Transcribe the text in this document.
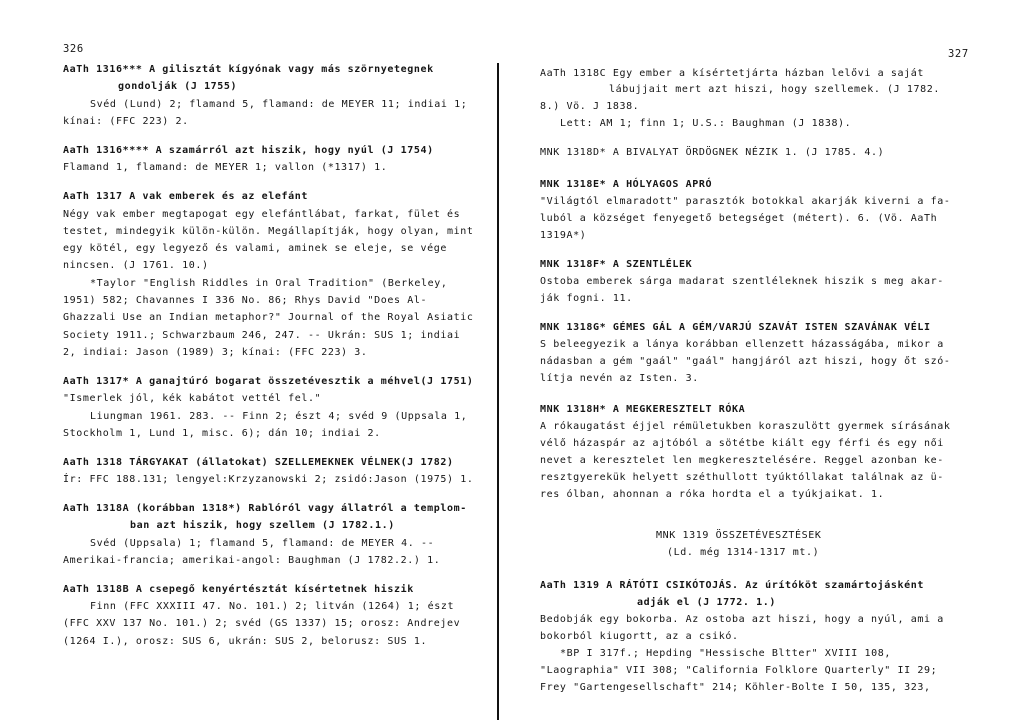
326	327
AaTh 1316*** A gilisztát kígyónak vagy más szörnyetegnek
gondolják (J 1755)
Svéd (Lund) 2; flamand 5, flamand: de MEYER 11; indiai 1;
kínai: (FFC 223) 2.
AaTh 1316**** A szamárról azt hiszik, hogy nyúl (J 1754)
Flamand 1, flamand: de MEYER 1; vallon (*1317) 1.
AaTh 1317 A vak emberek és az elefánt
Négy vak ember megtapogat egy elefántlábat, farkat, fület és
testet, mindegyik külön-külön. Megállapítják, hogy olyan, mint
egy kötél, egy legyező és valami, aminek se eleje, se vége
nincsen. (J 1761. 10.)
*Taylor "English Riddles in Oral Tradition" (Berkeley,
1951) 582; Chavannes I 336 No. 86; Rhys David "Does Al-
Ghazzali Use an Indian metaphor?" Journal of the Royal Asiatic
Society 1911.; Schwarzbaum 246, 247. -- Ukrán: SUS 1; indiai
2, indiai: Jason (1989) 3; kínai: (FFC 223) 3.
AaTh 1317* A ganajtúró bogarat összetévesztik a méhvel(J 1751)
"Ismerlek jól, kék kabátot vettél fel."
Liungman 1961. 283. -- Finn 2; észt 4; svéd 9 (Uppsala 1,
Stockholm 1, Lund 1, misc. 6); dán 10; indiai 2.
AaTh 1318 TÁRGYAKAT (állatokat) SZELLEMEKNEK VÉLNEK(J 1782)
Ír: FFC 188.131; lengyel:Krzyzanowski 2; zsidó:Jason (1975) 1.
AaTh 1318A (korábban 1318*) Rablóról vagy állatról a templom-
ban azt hiszik, hogy szellem (J 1782.1.)
Svéd (Uppsala) 1; flamand 5, flamand: de MEYER 4. --
Amerikai-francia; amerikai-angol: Baughman (J 1782.2.) 1.
AaTh 1318B A csepegő kenyértésztát kísértetnek hiszik
Finn (FFC XXXIII 47. No. 101.) 2; litván (1264) 1; észt
(FFC XXV 137 No. 101.) 2; svéd (GS 1337) 15; orosz: Andrejev
(1264 I.), orosz: SUS 6, ukrán: SUS 2, belorusz: SUS 1.
AaTh 1318C Egy ember a kísértetjárta házban lelővi a saját
lábujjait mert azt hiszi, hogy szellemek. (J 1782.
8.) Vö. J 1838.
Lett: AM 1; finn 1; U.S.: Baughman (J 1838).
MNK 1318D* A BIVALYAT ÖRDÖGNEK NÉZIK 1. (J 1785. 4.)
MNK 1318E* A HÓLYAGOS APRÓ
"Világtól elmaradott" parasztók botokkal akarják kiverni a fa-
luból a községet fenyegető betegséget (métert). 6. (Vö. AaTh
1319A*)
MNK 1318F* A SZENTLÉLEK
Ostoba emberek sárga madarat szentléleknek hiszik s meg akar-
ják fogni. 11.
MNK 1318G* GÉMES GÁL A GÉM/VARJÚ SZAVÁT ISTEN SZAVÁNAK VÉLI
S beleegyezik a lánya korábban ellenzett házasságába, mikor a
nádasban a gém "gaál" "gaál" hangjáról azt hiszi, hogy őt szó-
lítja nevén az Isten. 3.
MNK 1318H* A MEGKERESZTELT RÓKA
A rókaugatást éjjel rémületukben koraszulött gyermek sírásának
vélő házaspár az ajtóból a sötétbe kiált egy férfi és egy női
nevet a keresztelet len megkeresztelésére. Reggel azonban ke-
resztgyerekük helyett széthullott tyúktóllakat találnak az ü-
res ólban, ahonnan a róka hordta el a tyúkjaikat. 1.
MNK 1319 ÖSSZETÉVESZTÉSEK
(Ld. még 1314-1317 mt.)
AaTh 1319 A RÁTÓTI CSIKÓTOJÁS. Az úrítóköt szamártojásként
adják el (J 1772. 1.)
Bedobják egy bokorba. Az ostoba azt hiszi, hogy a nyúl, ami a
bokorból kiugortt, az a csikó.
*BP I 317f.; Hepding "Hessische Bltter" XVIII 108,
"Laographia" VII 308; "California Folklore Quarterly" II 29;
Frey "Gartengesellschaft" 214; Köhler-Bolte I 50, 135, 323,
